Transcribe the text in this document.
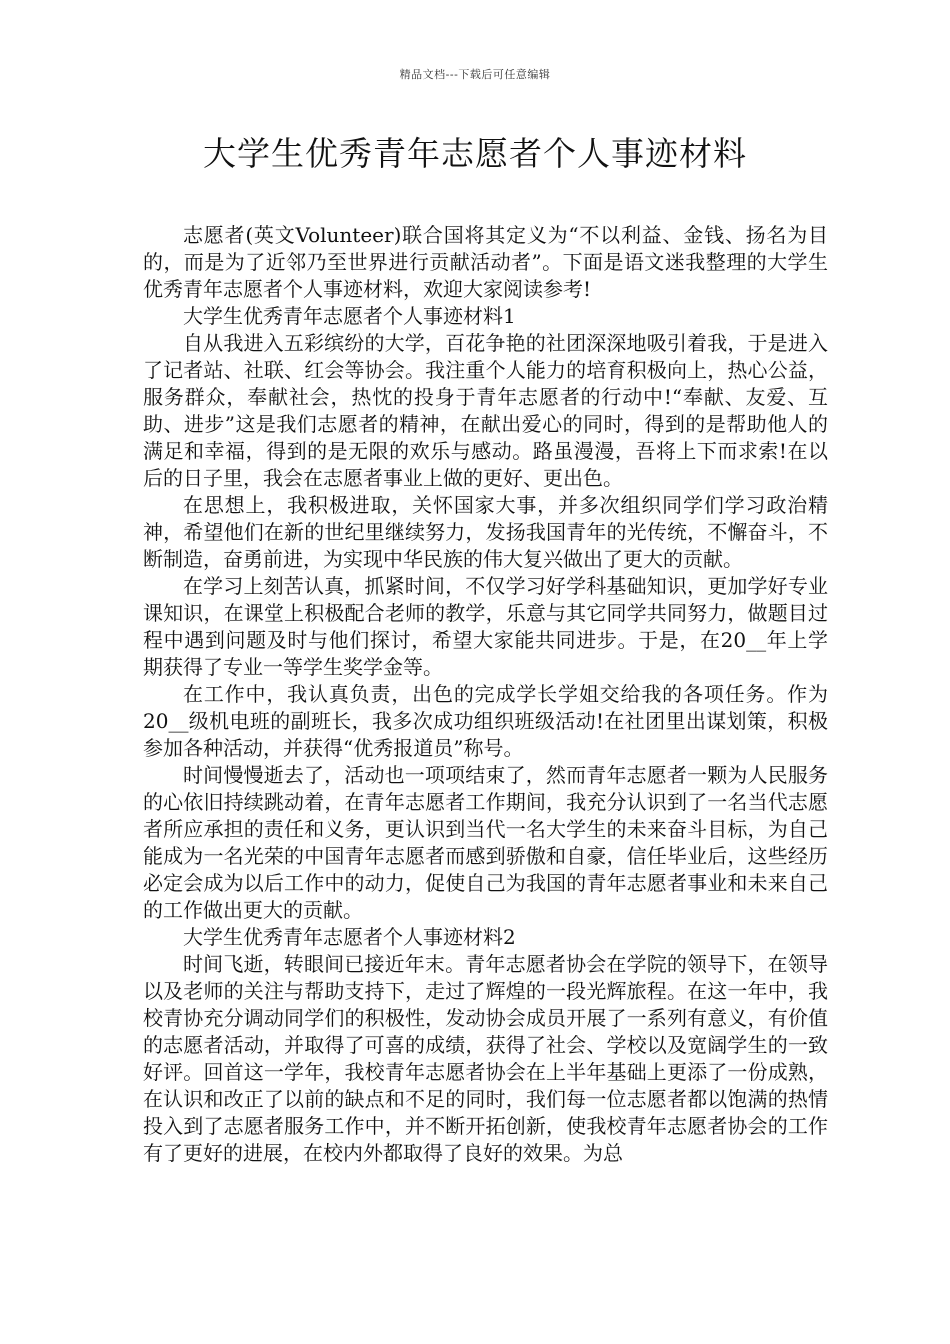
精品文档---下载后可任意编辑
大学生优秀青年志愿者个人事迹材料

志愿者(英文Volunteer)联合国将其定义为“不以利益、金钱、扬名为目的，而是为了近邻乃至世界进行贡献活动者”。下面是语文迷我整理的大学生优秀青年志愿者个人事迹材料，欢迎大家阅读参考!

大学生优秀青年志愿者个人事迹材料1

自从我进入五彩缤纷的大学，百花争艳的社团深深地吸引着我，于是进入了记者站、社联、红会等协会。我注重个人能力的培育积极向上，热心公益，服务群众，奉献社会，热忱的投身于青年志愿者的行动中!“奉献、友爱、互助、进步”这是我们志愿者的精神，在献出爱心的同时，得到的是帮助他人的满足和幸福，得到的是无限的欢乐与感动。路虽漫漫，吾将上下而求索!在以后的日子里，我会在志愿者事业上做的更好、更出色。

在思想上，我积极进取，关怀国家大事，并多次组织同学们学习政治精神，希望他们在新的世纪里继续努力，发扬我国青年的光传统，不懈奋斗，不断制造，奋勇前进，为实现中华民族的伟大复兴做出了更大的贡献。

在学习上刻苦认真，抓紧时间，不仅学习好学科基础知识，更加学好专业课知识，在课堂上积极配合老师的教学，乐意与其它同学共同努力，做题目过程中遇到问题及时与他们探讨，希望大家能共同进步。于是，在20__年上学期获得了专业一等学生奖学金等。

在工作中，我认真负责，出色的完成学长学姐交给我的各项任务。作为20__级机电班的副班长，我多次成功组织班级活动!在社团里出谋划策，积极参加各种活动，并获得“优秀报道员”称号。

时间慢慢逝去了，活动也一项项结束了，然而青年志愿者一颗为人民服务的心依旧持续跳动着，在青年志愿者工作期间，我充分认识到了一名当代志愿者所应承担的责任和义务，更认识到当代一名大学生的未来奋斗目标，为自己能成为一名光荣的中国青年志愿者而感到骄傲和自豪，信任毕业后，这些经历必定会成为以后工作中的动力，促使自己为我国的青年志愿者事业和未来自己的工作做出更大的贡献。

大学生优秀青年志愿者个人事迹材料2

时间飞逝，转眼间已接近年末。青年志愿者协会在学院的领导下，在领导以及老师的关注与帮助支持下，走过了辉煌的一段光辉旅程。在这一年中，我校青协充分调动同学们的积极性，发动协会成员开展了一系列有意义，有价值的志愿者活动，并取得了可喜的成绩，获得了社会、学校以及宽阔学生的一致好评。回首这一学年，我校青年志愿者协会在上半年基础上更添了一份成熟，在认识和改正了以前的缺点和不足的同时，我们每一位志愿者都以饱满的热情投入到了志愿者服务工作中，并不断开拓创新，使我校青年志愿者协会的工作有了更好的进展，在校内外都取得了良好的效果。为总
